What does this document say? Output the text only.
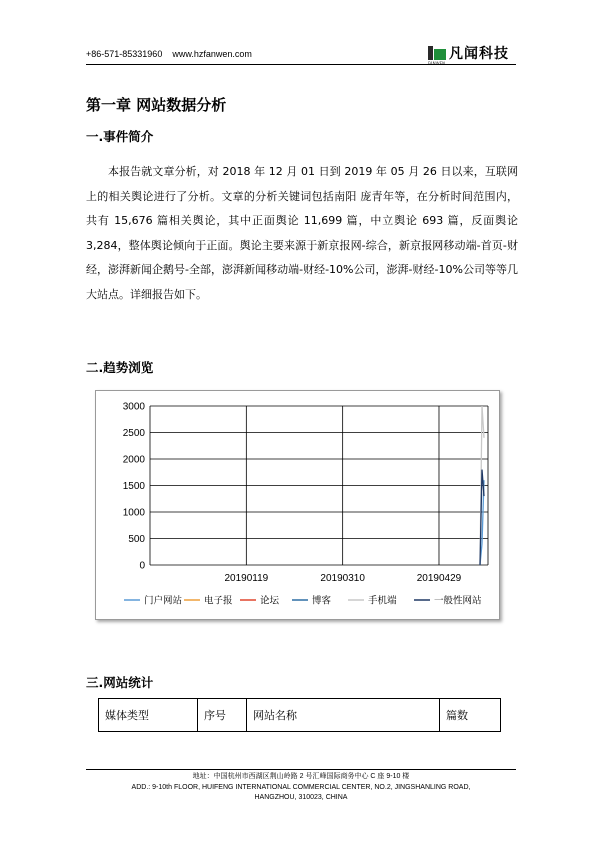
+86-571-85331960 www.hzfanwen.com
FANWEN
凡闻科技
第一章 网站数据分析
一.事件简介

本报告就文章分析，对 2018 年 12 月 01 日到 2019 年 05 月 26 日以来，互联网上的相关舆论进行了分析。文章的分析关键词包括南阳 庞青年等，在分析时间范围内，共有 15,676 篇相关舆论，其中正面舆论 11,699 篇，中立舆论 693 篇，反面舆论 3,284，整体舆论倾向于正面。舆论主要来源于新京报网-综合，新京报网移动端-首页-财经，澎湃新闻企鹅号-全部，澎湃新闻移动端-财经-10%公司，澎湃-财经-10%公司等等几大站点。详细报告如下。

二.趋势浏览
3000
2500
2000
1500
1000
500
0
20190119	20190310	20190429
门户网站 电子报	论坛	博客	手机端	一般性网站
三.网站统计
媒体类型	序号	网站名称	篇数
地址：中国杭州市西湖区荆山岭路 2 号汇峰国际商务中心 C 座 9-10 楼
ADD.: 9-10th FLOOR, HUIFENG INTERNATIONAL COMMERCIAL CENTER, NO.2, JINGSHANLING ROAD,
HANGZHOU, 310023, CHINA
